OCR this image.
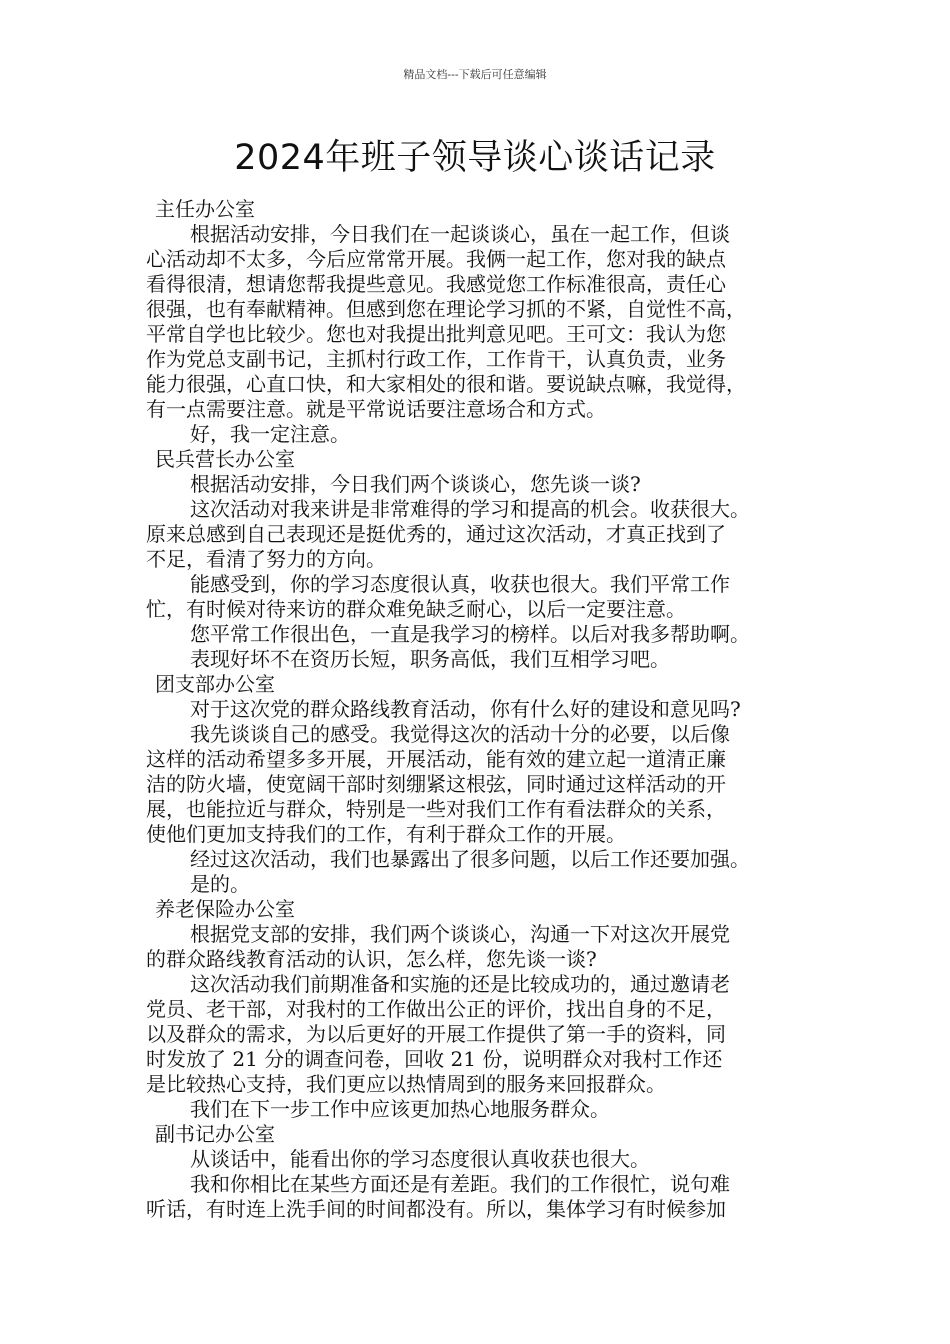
精品文档---下载后可任意编辑
2024年班子领导谈心谈话记录
主任办公室
根据活动安排，今日我们在一起谈谈心，虽在一起工作，但谈
心活动却不太多，今后应常常开展。我俩一起工作，您对我的缺点
看得很清，想请您帮我提些意见。我感觉您工作标准很高，责任心
很强，也有奉献精神。但感到您在理论学习抓的不紧，自觉性不高，
平常自学也比较少。您也对我提出批判意见吧。王可文：我认为您
作为党总支副书记，主抓村行政工作，工作肯干，认真负责，业务
能力很强，心直口快，和大家相处的很和谐。要说缺点嘛，我觉得，
有一点需要注意。就是平常说话要注意场合和方式。
好，我一定注意。
民兵营长办公室
根据活动安排，今日我们两个谈谈心，您先谈一谈?
这次活动对我来讲是非常难得的学习和提高的机会。收获很大。
原来总感到自己表现还是挺优秀的，通过这次活动，才真正找到了
不足，看清了努力的方向。
能感受到，你的学习态度很认真，收获也很大。我们平常工作
忙，有时候对待来访的群众难免缺乏耐心，以后一定要注意。
您平常工作很出色，一直是我学习的榜样。以后对我多帮助啊。
表现好坏不在资历长短，职务高低，我们互相学习吧。
团支部办公室
对于这次党的群众路线教育活动，你有什么好的建设和意见吗?
我先谈谈自己的感受。我觉得这次的活动十分的必要，以后像
这样的活动希望多多开展，开展活动，能有效的建立起一道清正廉
洁的防火墙，使宽阔干部时刻绷紧这根弦，同时通过这样活动的开
展，也能拉近与群众，特别是一些对我们工作有看法群众的关系，
使他们更加支持我们的工作，有利于群众工作的开展。
经过这次活动，我们也暴露出了很多问题，以后工作还要加强。
是的。
养老保险办公室
根据党支部的安排，我们两个谈谈心，沟通一下对这次开展党
的群众路线教育活动的认识，怎么样，您先谈一谈?
这次活动我们前期准备和实施的还是比较成功的，通过邀请老
党员、老干部，对我村的工作做出公正的评价，找出自身的不足，
以及群众的需求，为以后更好的开展工作提供了第一手的资料，同
时发放了 21 分的调查问卷，回收 21 份，说明群众对我村工作还
是比较热心支持，我们更应以热情周到的服务来回报群众。
我们在下一步工作中应该更加热心地服务群众。
副书记办公室
从谈话中，能看出你的学习态度很认真收获也很大。
我和你相比在某些方面还是有差距。我们的工作很忙，说句难
听话，有时连上洗手间的时间都没有。所以，集体学习有时候参加
